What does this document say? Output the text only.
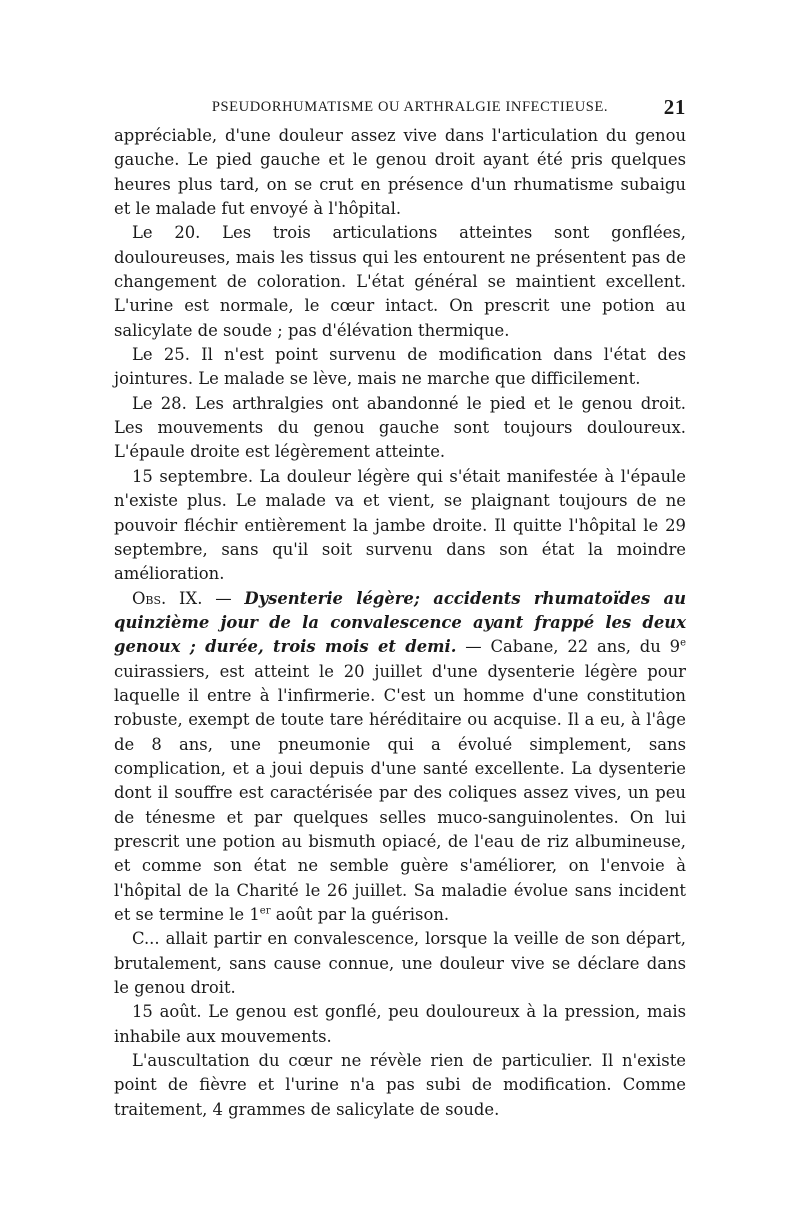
PSEUDORHUMATISME OU ARTHRALGIE INFECTIEUSE.	21

appréciable, d'une douleur assez vive dans l'articulation du genou gauche. Le pied gauche et le genou droit ayant été pris quelques heures plus tard, on se crut en présence d'un rhumatisme subaigu et le malade fut envoyé à l'hôpital.

Le 20. Les trois articulations atteintes sont gonflées, douloureuses, mais les tissus qui les entourent ne présentent pas de changement de coloration. L'état général se maintient excellent. L'urine est normale, le cœur intact. On prescrit une potion au salicylate de soude ; pas d'élévation thermique.

Le 25. Il n'est point survenu de modification dans l'état des jointures. Le malade se lève, mais ne marche que difficilement.

Le 28. Les arthralgies ont abandonné le pied et le genou droit. Les mouvements du genou gauche sont toujours douloureux. L'épaule droite est légèrement atteinte.

15 septembre. La douleur légère qui s'était manifestée à l'épaule n'existe plus. Le malade va et vient, se plaignant toujours de ne pouvoir fléchir entièrement la jambe droite. Il quitte l'hôpital le 29 septembre, sans qu'il soit survenu dans son état la moindre amélioration.

Obs. IX. — Dysenterie légère; accidents rhumatoïdes au quinzième jour de la convalescence ayant frappé les deux genoux ; durée, trois mois et demi. — Cabane, 22 ans, du 9e cuirassiers, est atteint le 20 juillet d'une dysenterie légère pour laquelle il entre à l'infirmerie. C'est un homme d'une constitution robuste, exempt de toute tare héréditaire ou acquise. Il a eu, à l'âge de 8 ans, une pneumonie qui a évolué simplement, sans complication, et a joui depuis d'une santé excellente. La dysenterie dont il souffre est caractérisée par des coliques assez vives, un peu de ténesme et par quelques selles muco-sanguinolentes. On lui prescrit une potion au bismuth opiacé, de l'eau de riz albumineuse, et comme son état ne semble guère s'améliorer, on l'envoie à l'hôpital de la Charité le 26 juillet. Sa maladie évolue sans incident et se termine le 1er août par la guérison.

C... allait partir en convalescence, lorsque la veille de son départ, brutalement, sans cause connue, une douleur vive se déclare dans le genou droit.

15 août. Le genou est gonflé, peu douloureux à la pression, mais inhabile aux mouvements.

L'auscultation du cœur ne révèle rien de particulier. Il n'existe point de fièvre et l'urine n'a pas subi de modification. Comme traitement, 4 grammes de salicylate de soude.
